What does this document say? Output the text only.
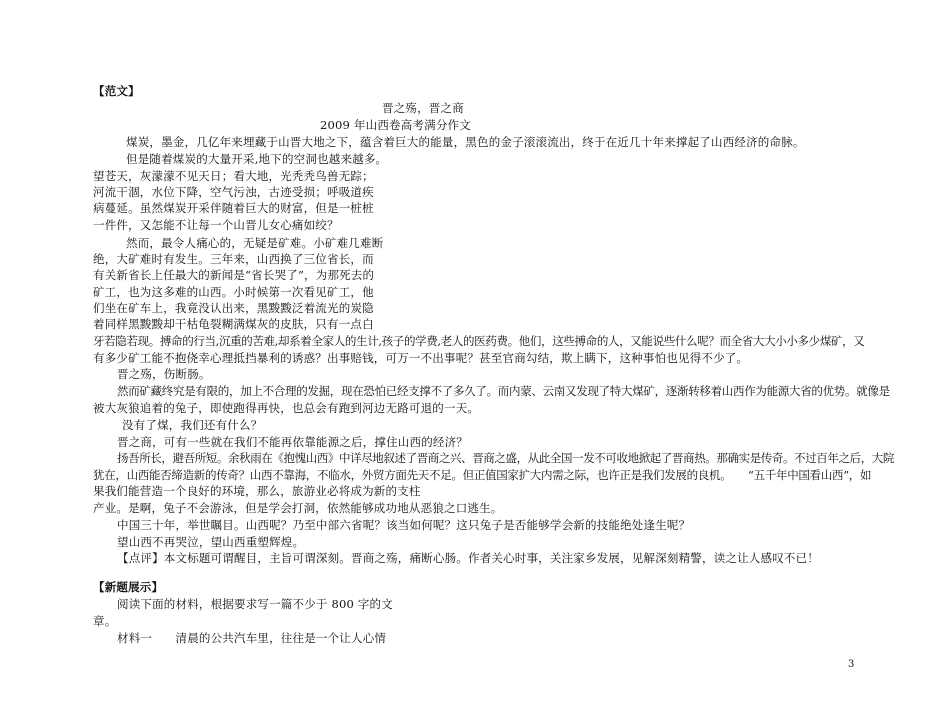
【范文】
晋之殇，晋之商
2009 年山西卷高考满分作文
煤炭，墨金，几亿年来埋藏于山晋大地之下，蕴含着巨大的能量，黑色的金子滚滚流出，终于在近几十年来撑起了山西经济的命脉。
但是随着煤炭的大量开采,地下的空洞也越来越多。
望苍天，灰濛濛不见天日；看大地，光秃秃鸟兽无踪；
河流干涸，水位下降，空气污浊，古迹受损；呼吸道疾
病蔓延。虽然煤炭开采伴随着巨大的财富，但是一桩桩
一件件，又怎能不让每一个山晋儿女心痛如绞？
然而，最令人痛心的，无疑是矿难。小矿难几难断
绝，大矿难时有发生。三年来，山西换了三位省长，而
有关新省长上任最大的新闻是“省长哭了”，为那死去的
矿工，也为这多难的山西。小时候第一次看见矿工，他
们坐在矿车上，我竟没认出来，黑黢黢泛着流光的炭隐
着同样黑黢黢却干枯龟裂糊满煤灰的皮肤，只有一点白
牙若隐若现。搏命的行当,沉重的苦难,却系着全家人的生计,孩子的学费,老人的医药费。他们，这些搏命的人，又能说些什么呢？而全省大大小小多少煤矿，又
有多少矿工能不抱侥幸心理抵挡暴利的诱惑？出事赔钱，可万一不出事呢？甚至官商勾结，欺上瞒下，这种事怕也见得不少了。
晋之殇，伤断肠。
然而矿藏终究是有限的，加上不合理的发掘，现在恐怕已经支撑不了多久了。而内蒙、云南又发现了特大煤矿，逐渐转移着山西作为能源大省的优势。就像是
被大灰狼追着的兔子，即使跑得再快，也总会有跑到河边无路可退的一天。
没有了煤，我们还有什么？
晋之商，可有一些就在我们不能再依靠能源之后，撑住山西的经济？
扬吾所长，避吾所短。余秋雨在《抱愧山西》中详尽地叙述了晋商之兴、晋商之盛，从此全国一发不可收地掀起了晋商热。那确实是传奇。不过百年之后，大院
犹在，山西能否缔造新的传奇？山西不靠海，不临水，外贸方面先天不足。但正值国家扩大内需之际，也许正是我们发展的良机。　　“五千年中国看山西”，如
果我们能营造一个良好的环境，那么，旅游业必将成为新的支柱
产业。是啊，兔子不会游泳，但是学会打洞，依然能够成功地从恶狼之口逃生。
中国三十年，举世瞩目。山西呢？乃至中部六省呢？该当如何呢？这只兔子是否能够学会新的技能绝处逢生呢？
望山西不再哭泣，望山西重塑辉煌。
【点评】本文标题可谓醒目，主旨可谓深刻。晋商之殇，痛断心肠。作者关心时事，关注家乡发展，见解深刻精警，读之让人感叹不已！
【新题展示】
阅读下面的材料，根据要求写一篇不少于 800 字的文
章。
材料一　　清晨的公共汽车里，往往是一个让人心情
3
